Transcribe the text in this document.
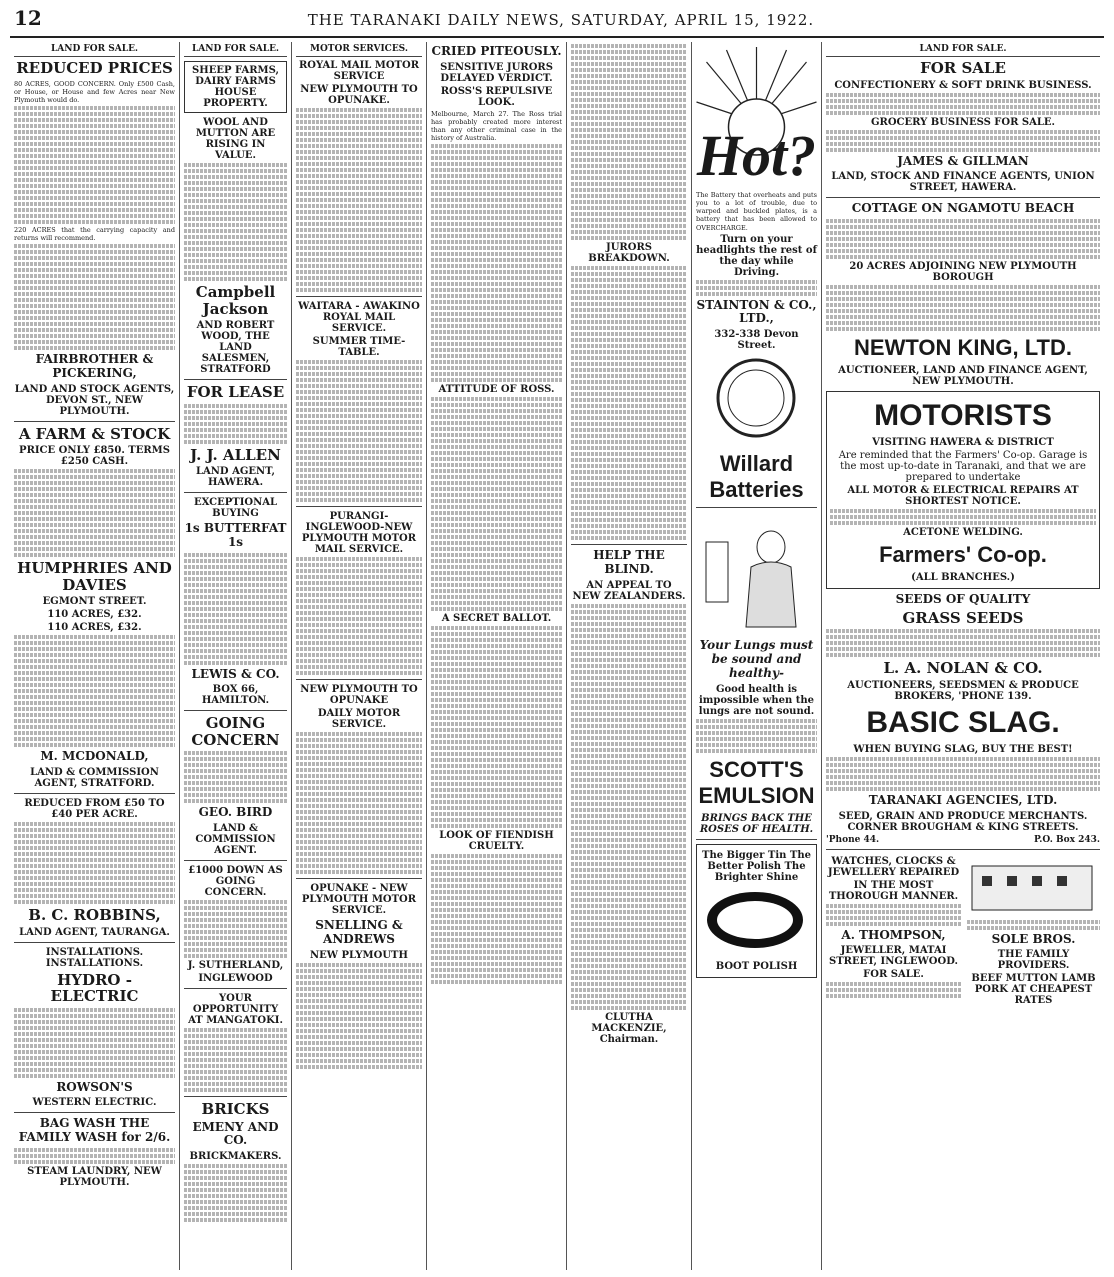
12	THE TARANAKI DAILY NEWS, SATURDAY, APRIL 15, 1922.
LAND FOR SALE.
REDUCED PRICES
80 ACRES, GOOD CONCERN. Only £500 Cash, or House, or House and few Acres near New Plymouth would do.
220 ACRES that the carrying capacity and returns will recommend.
FAIRBROTHER & PICKERING,
LAND AND STOCK AGENTS, DEVON ST., NEW PLYMOUTH.
A FARM & STOCK
PRICE ONLY £850. TERMS £250 CASH.
HUMPHRIES AND DAVIES
EGMONT STREET.
110 ACRES, £32.
110 ACRES, £32.
M. MCDONALD,
LAND & COMMISSION AGENT, STRATFORD.
REDUCED FROM £50 TO £40 PER ACRE.
B. C. ROBBINS,
LAND AGENT, TAURANGA.
INSTALLATIONS. INSTALLATIONS.
HYDRO - ELECTRIC
ROWSON'S
WESTERN ELECTRIC.
BAG WASH THE FAMILY WASH for 2/6.
STEAM LAUNDRY, NEW PLYMOUTH.
LAND FOR SALE.
SHEEP FARMS, DAIRY FARMS HOUSE PROPERTY.
WOOL AND MUTTON ARE RISING IN VALUE.
Campbell Jackson
AND ROBERT WOOD, THE LAND SALESMEN, STRATFORD
FOR LEASE
J. J. ALLEN
LAND AGENT, HAWERA.
EXCEPTIONAL BUYING
1s BUTTERFAT 1s
LEWIS & CO.
BOX 66, HAMILTON.
GOING CONCERN
GEO. BIRD
LAND & COMMISSION AGENT.
£1000 DOWN AS GOING CONCERN.
J. SUTHERLAND,
INGLEWOOD
YOUR OPPORTUNITY AT MANGATOKI.
BRICKS
EMENY AND CO.
BRICKMAKERS.
MOTOR SERVICES.
ROYAL MAIL MOTOR SERVICE
NEW PLYMOUTH TO OPUNAKE.
WAITARA - AWAKINO ROYAL MAIL SERVICE.
SUMMER TIME-TABLE.
PURANGI-INGLEWOOD-NEW PLYMOUTH MOTOR MAIL SERVICE.
NEW PLYMOUTH TO OPUNAKE
DAILY MOTOR SERVICE.
OPUNAKE - NEW PLYMOUTH MOTOR SERVICE.
SNELLING & ANDREWS
NEW PLYMOUTH
CRIED PITEOUSLY.
SENSITIVE JURORS DELAYED VERDICT.
ROSS'S REPULSIVE LOOK.
Melbourne, March 27. The Ross trial has probably created more interest than any other criminal case in the history of Australia.
ATTITUDE OF ROSS.
A SECRET BALLOT.
LOOK OF FIENDISH CRUELTY.
JURORS BREAKDOWN.
HELP THE BLIND.
AN APPEAL TO NEW ZEALANDERS.
CLUTHA MACKENZIE, Chairman.
Hot?
The Battery that overheats and puts you to a lot of trouble, due to warped and buckled plates, is a battery that has been allowed to OVERCHARGE.
Turn on your headlights the rest of the day while Driving.
STAINTON & CO., LTD.,
332-338 Devon Street.
Willard Batteries
Your Lungs must be sound and healthy-
Good health is impossible when the lungs are not sound.
SCOTT'S EMULSION
BRINGS BACK THE ROSES OF HEALTH.
The Bigger Tin The Better Polish The Brighter Shine
BOOT POLISH
LAND FOR SALE.
FOR SALE
CONFECTIONERY & SOFT DRINK BUSINESS.
GROCERY BUSINESS FOR SALE.
JAMES & GILLMAN
LAND, STOCK AND FINANCE AGENTS, UNION STREET, HAWERA.
COTTAGE ON NGAMOTU BEACH
20 ACRES ADJOINING NEW PLYMOUTH BOROUGH
NEWTON KING, LTD.
AUCTIONEER, LAND AND FINANCE AGENT, NEW PLYMOUTH.
MOTORISTS
VISITING HAWERA & DISTRICT
Are reminded that the Farmers' Co-op. Garage is the most up-to-date in Taranaki, and that we are prepared to undertake
ALL MOTOR & ELECTRICAL REPAIRS AT SHORTEST NOTICE.
ACETONE WELDING.
Farmers' Co-op.
(ALL BRANCHES.)
SEEDS OF QUALITY
GRASS SEEDS
L. A. NOLAN & CO.
AUCTIONEERS, SEEDSMEN & PRODUCE BROKERS, 'PHONE 139.
BASIC SLAG.
WHEN BUYING SLAG, BUY THE BEST!
TARANAKI AGENCIES, LTD.
SEED, GRAIN AND PRODUCE MERCHANTS. CORNER BROUGHAM & KING STREETS.
'Phone 44.	P.O. Box 243.
WATCHES, CLOCKS & JEWELLERY REPAIRED
IN THE MOST THOROUGH MANNER.
A. THOMPSON,
JEWELLER, MATAI STREET, INGLEWOOD.
FOR SALE.
SOLE BROS.
THE FAMILY PROVIDERS.
BEEF MUTTON LAMB PORK AT CHEAPEST RATES
